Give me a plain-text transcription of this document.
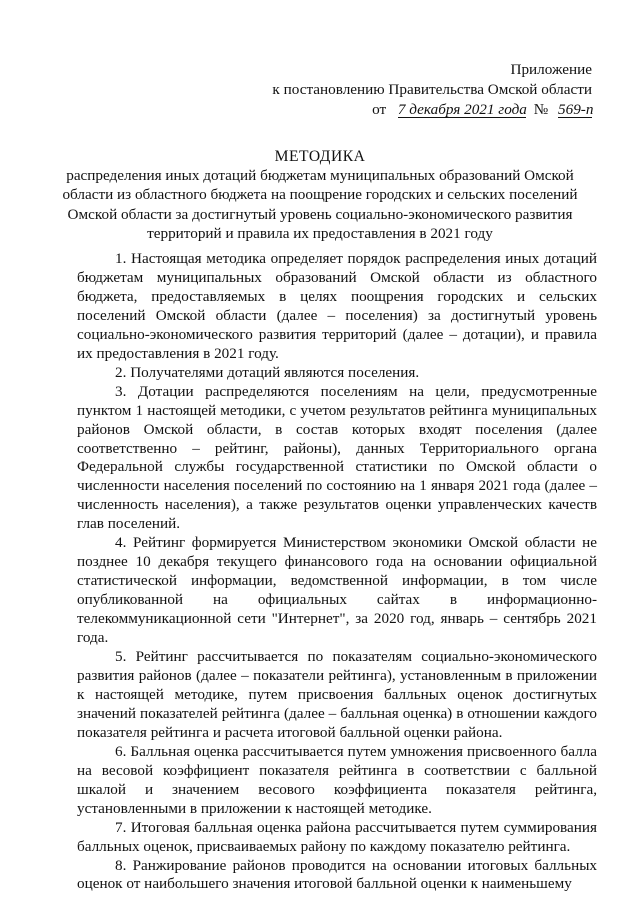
Приложение
к постановлению Правительства Омской области
от 7 декабря 2021 года № 569-п
МЕТОДИКА
распределения иных дотаций бюджетам муниципальных образований Омской области из областного бюджета на поощрение городских и сельских поселений Омской области за достигнутый уровень социально-экономического развития территорий и правила их предоставления в 2021 году

1. Настоящая методика определяет порядок распределения иных дотаций бюджетам муниципальных образований Омской области из областного бюджета, предоставляемых в целях поощрения городских и сельских поселений Омской области (далее – поселения) за достигнутый уровень социально-экономического развития территорий (далее – дотации), и правила их предоставления в 2021 году.

2. Получателями дотаций являются поселения.

3. Дотации распределяются поселениям на цели, предусмотренные пунктом 1 настоящей методики, с учетом результатов рейтинга муниципальных районов Омской области, в состав которых входят поселения (далее соответственно – рейтинг, районы), данных Территориального органа Федеральной службы государственной статистики по Омской области о численности населения поселений по состоянию на 1 января 2021 года (далее – численность населения), а также результатов оценки управленческих качеств глав поселений.

4. Рейтинг формируется Министерством экономики Омской области не позднее 10 декабря текущего финансового года на основании официальной статистической информации, ведомственной информации, в том числе опубликованной на официальных сайтах в информационно-телекоммуникационной сети "Интернет", за 2020 год, январь – сентябрь 2021 года.

5. Рейтинг рассчитывается по показателям социально-экономического развития районов (далее – показатели рейтинга), установленным в приложении к настоящей методике, путем присвоения балльных оценок достигнутых значений показателей рейтинга (далее – балльная оценка) в отношении каждого показателя рейтинга и расчета итоговой балльной оценки района.

6. Балльная оценка рассчитывается путем умножения присвоенного балла на весовой коэффициент показателя рейтинга в соответствии с балльной шкалой и значением весового коэффициента показателя рейтинга, установленными в приложении к настоящей методике.

7. Итоговая балльная оценка района рассчитывается путем суммирования балльных оценок, присваиваемых району по каждому показателю рейтинга.

8. Ранжирование районов проводится на основании итоговых балльных оценок от наибольшего значения итоговой балльной оценки к наименьшему
